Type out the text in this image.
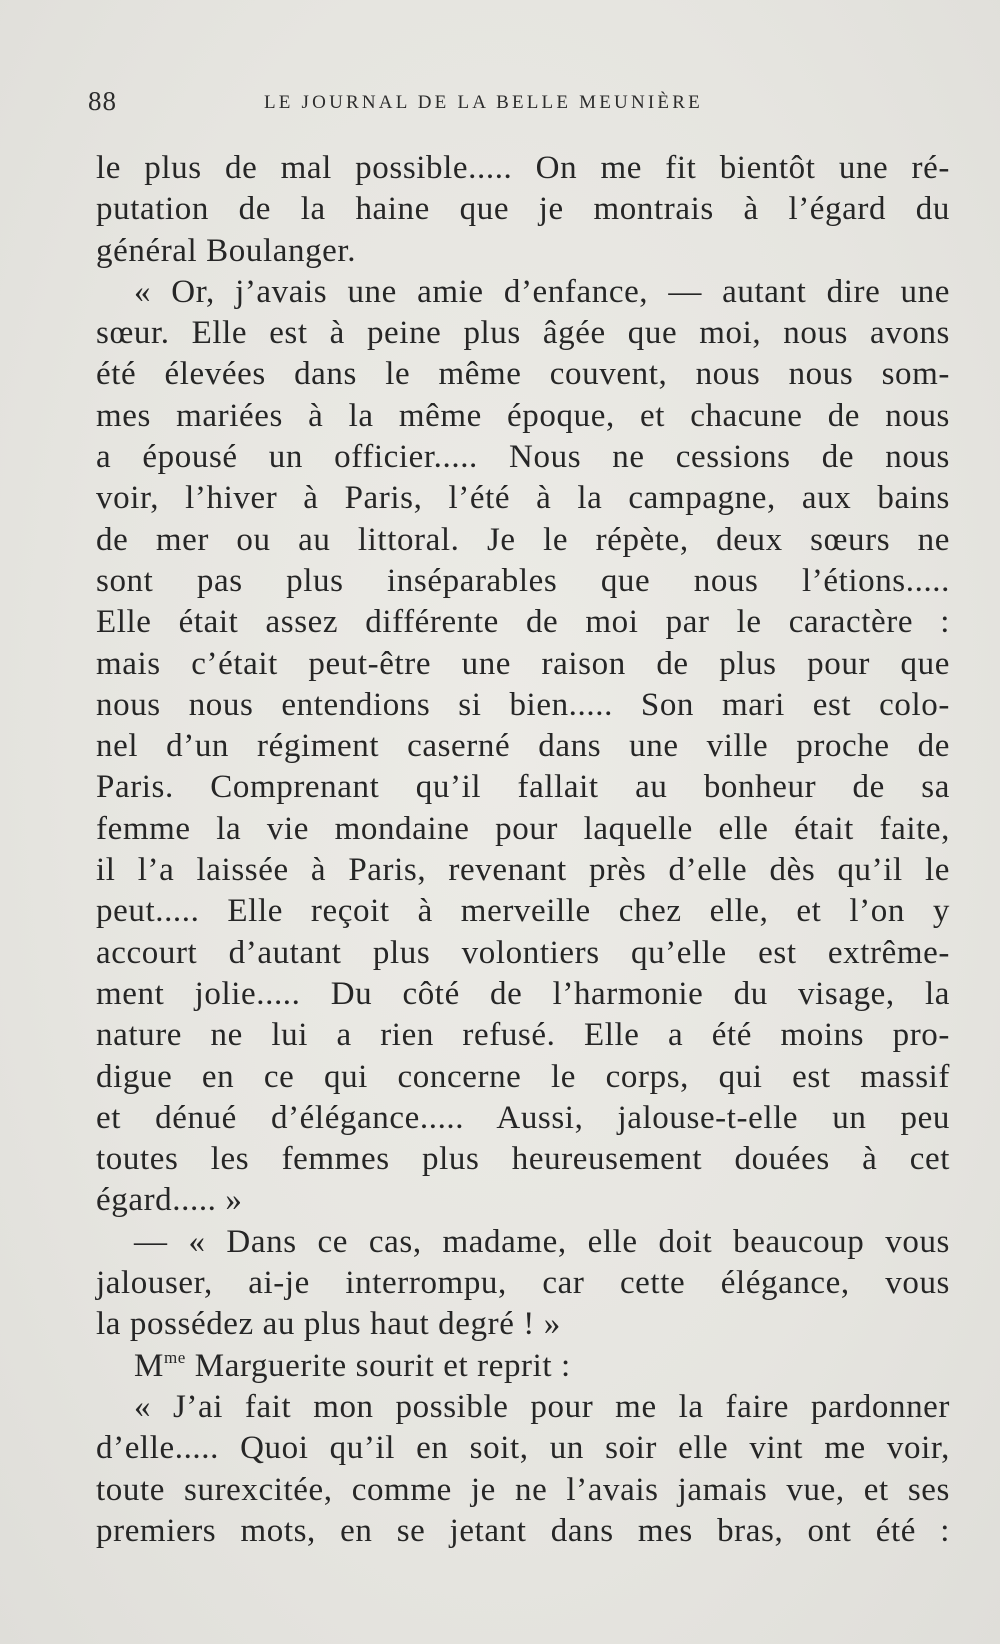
88	LE JOURNAL DE LA BELLE MEUNIÈRE
le plus de mal possible..... On me fit bientôt une ré-
putation de la haine que je montrais à l’égard du
général Boulanger.
« Or, j’avais une amie d’enfance, — autant dire une
sœur. Elle est à peine plus âgée que moi, nous avons
été élevées dans le même couvent, nous nous som-
mes mariées à la même époque, et chacune de nous
a épousé un officier..... Nous ne cessions de nous
voir, l’hiver à Paris, l’été à la campagne, aux bains
de mer ou au littoral. Je le répète, deux sœurs ne
sont pas plus inséparables que nous l’étions.....
Elle était assez différente de moi par le caractère :
mais c’était peut-être une raison de plus pour que
nous nous entendions si bien..... Son mari est colo-
nel d’un régiment caserné dans une ville proche de
Paris. Comprenant qu’il fallait au bonheur de sa
femme la vie mondaine pour laquelle elle était faite,
il l’a laissée à Paris, revenant près d’elle dès qu’il le
peut..... Elle reçoit à merveille chez elle, et l’on y
accourt d’autant plus volontiers qu’elle est extrême-
ment jolie..... Du côté de l’harmonie du visage, la
nature ne lui a rien refusé. Elle a été moins pro-
digue en ce qui concerne le corps, qui est massif
et dénué d’élégance..... Aussi, jalouse-t-elle un peu
toutes les femmes plus heureusement douées à cet
égard..... »
— « Dans ce cas, madame, elle doit beaucoup vous
jalouser, ai-je interrompu, car cette élégance, vous
la possédez au plus haut degré ! »
$M^{me}$ Marguerite sourit et reprit :
« J’ai fait mon possible pour me la faire pardonner
d’elle..... Quoi qu’il en soit, un soir elle vint me voir,
toute surexcitée, comme je ne l’avais jamais vue, et ses
premiers mots, en se jetant dans mes bras, ont été :
